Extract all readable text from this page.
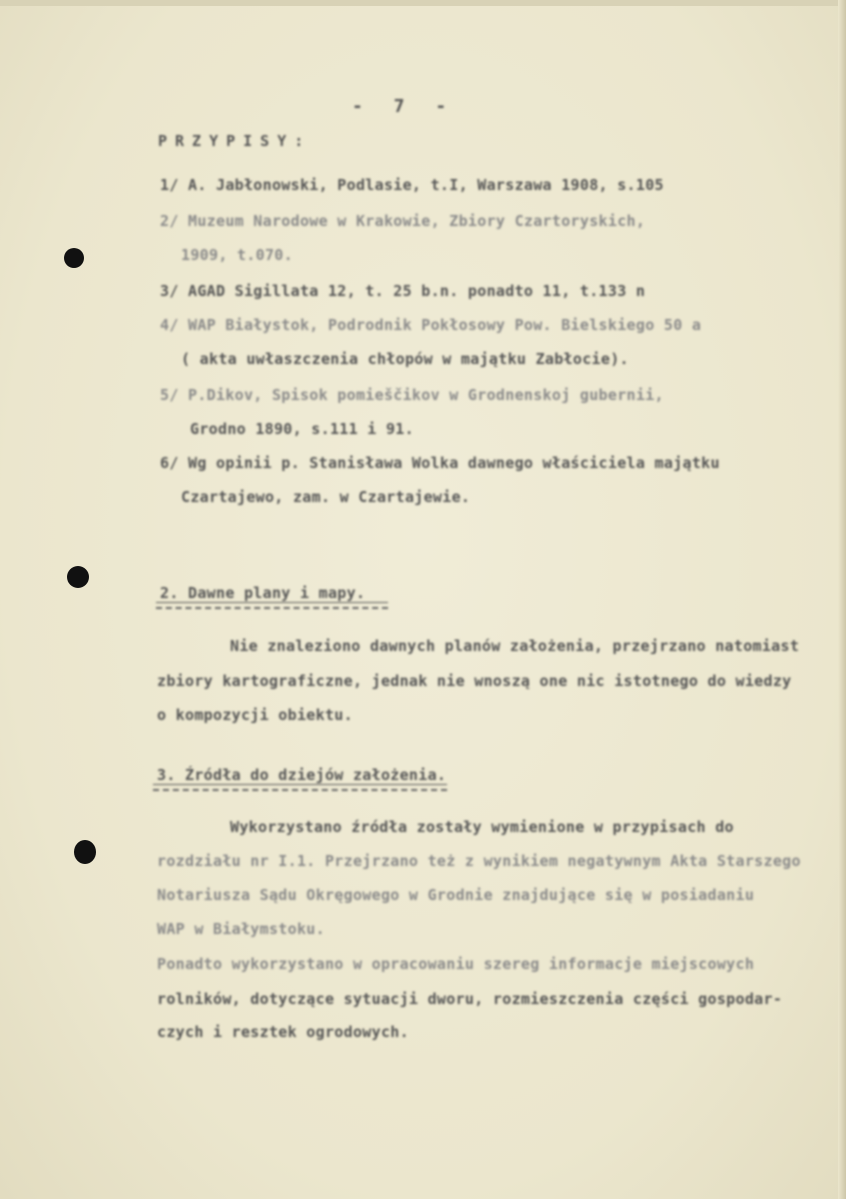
- 7 -
PRZYPISY:
1/ A. Jabłonowski, Podlasie, t.I, Warszawa 1908, s.105
2/ Muzeum Narodowe w Krakowie, Zbiory Czartoryskich,
1909, t.070.
3/ AGAD Sigillata 12, t. 25 b.n. ponadto 11, t.133 n
4/ WAP Białystok, Podrodnik Pokłosowy Pow. Bielskiego 50 a
( akta uwłaszczenia chłopów w majątku Zabłocie).
5/ P.Dikov, Spisok pomieščikov w Grodnenskoj gubernii,
Grodno 1890, s.111 i 91.
6/ Wg opinii p. Stanisława Wolka dawnego właściciela majątku
Czartajewo, zam. w Czartajewie.
2. Dawne plany i mapy.
Nie znaleziono dawnych planów założenia, przejrzano natomiast
zbiory kartograficzne, jednak nie wnoszą one nic istotnego do wiedzy
o kompozycji obiektu.
3. Źródła do dziejów założenia.
Wykorzystano źródła zostały wymienione w przypisach do
rozdziału nr I.1. Przejrzano też z wynikiem negatywnym Akta Starszego
Notariusza Sądu Okręgowego w Grodnie znajdujące się w posiadaniu
WAP w Białymstoku.
Ponadto wykorzystano w opracowaniu szereg informacje miejscowych
rolników, dotyczące sytuacji dworu, rozmieszczenia części gospodar-
czych i resztek ogrodowych.
